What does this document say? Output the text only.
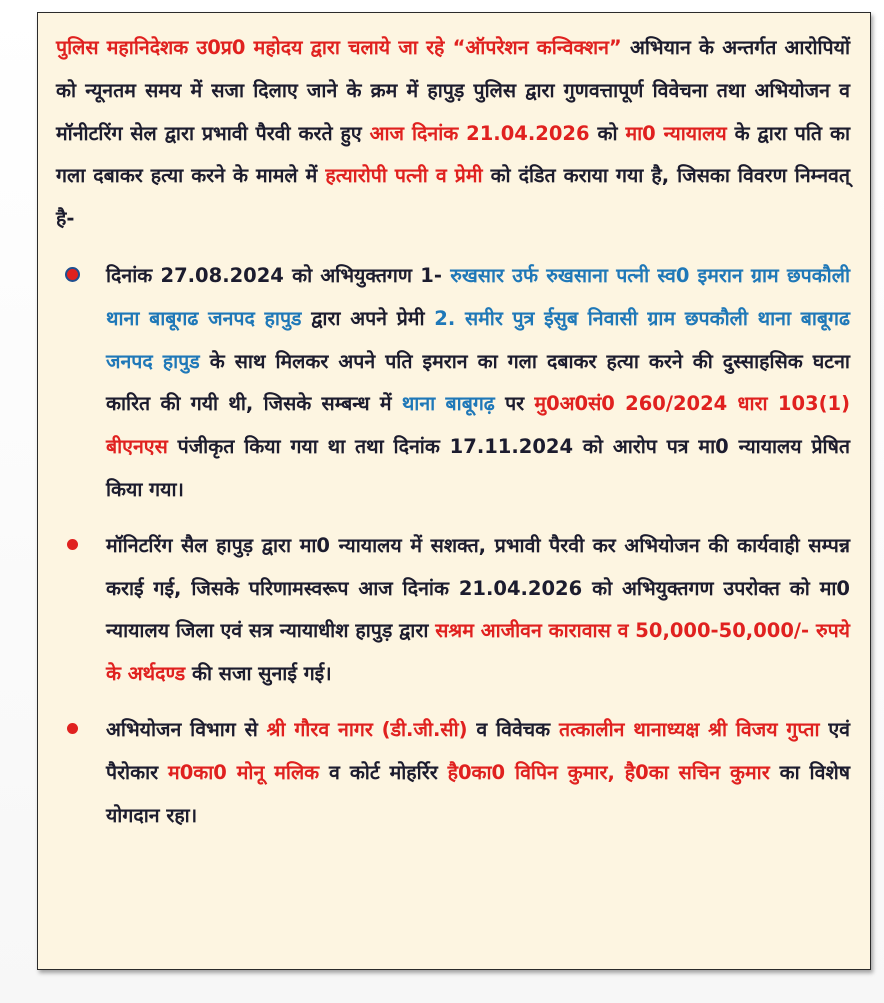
पुलिस महानिदेशक उ0प्र0 महोदय द्वारा चलाये जा रहे “ऑपरेशन कन्विक्शन” अभियान के अन्तर्गत आरोपियों को न्यूनतम समय में सजा दिलाए जाने के क्रम में हापुड़ पुलिस द्वारा गुणवत्तापूर्ण विवेचना तथा अभियोजन व मॉनीटरिंग सेल द्वारा प्रभावी पैरवी करते हुए आज दिनांक 21.04.2026 को मा0 न्यायालय के द्वारा पति का गला दबाकर हत्या करने के मामले में हत्यारोपी पत्नी व प्रेमी को दंडित कराया गया है, जिसका विवरण निम्नवत् है-

दिनांक 27.08.2024 को अभियुक्तगण 1- रुखसार उर्फ रुखसाना पत्नी स्व0 इमरान ग्राम छपकौली थाना बाबूगढ जनपद हापुड द्वारा अपने प्रेमी 2. समीर पुत्र ईसुब निवासी ग्राम छपकौली थाना बाबूगढ जनपद हापुड के साथ मिलकर अपने पति इमरान का गला दबाकर हत्या करने की दुस्साहसिक घटना कारित की गयी थी, जिसके सम्बन्ध में थाना बाबूगढ़ पर मु0अ0सं0 260/2024 धारा 103(1) बीएनएस पंजीकृत किया गया था तथा दिनांक 17.11.2024 को आरोप पत्र मा0 न्यायालय प्रेषित किया गया।

मॉनिटरिंग सैल हापुड़ द्वारा मा0 न्यायालय में सशक्त, प्रभावी पैरवी कर अभियोजन की कार्यवाही सम्पन्न कराई गई, जिसके परिणामस्वरूप आज दिनांक 21.04.2026 को अभियुक्तगण उपरोक्त को मा0 न्यायालय जिला एवं सत्र न्यायाधीश हापुड़ द्वारा सश्रम आजीवन कारावास व 50,000-50,000/- रुपये के अर्थदण्ड की सजा सुनाई गई।

अभियोजन विभाग से श्री गौरव नागर (डी.जी.सी) व विवेचक तत्कालीन थानाध्यक्ष श्री विजय गुप्ता एवं पैरोकार म0का0 मोनू मलिक व कोर्ट मोहर्रिर है0का0 विपिन कुमार, है0का सचिन कुमार का विशेष योगदान रहा।
